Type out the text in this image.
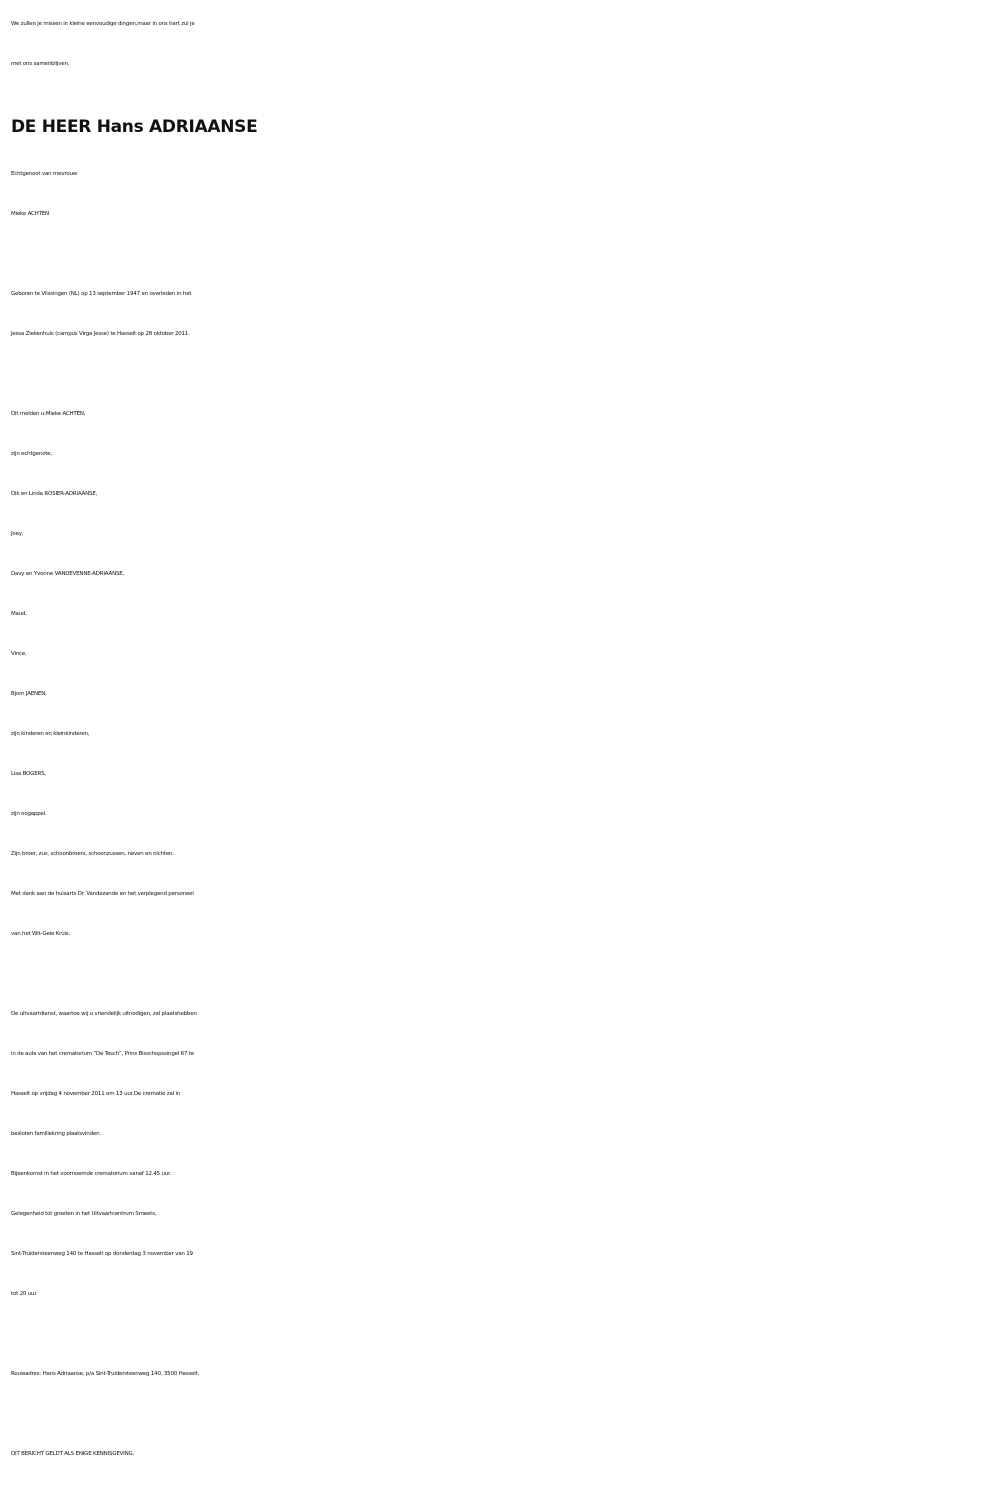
We zullen je missen in kleine eenvoudige dingen,maar in ons hart zul je
met ons samenblijven.
DE HEER Hans ADRIAANSE
Echtgenoot van mevrouw
Mieke ACHTEN
Geboren te Vlissingen (NL) op 13 september 1947 en overleden in het
Jessa Ziekenhuis (campus Virga Jesse) te Hasselt op 28 oktober 2011.
Dit melden u:Mieke ACHTEN,
zijn echtgenote,
Dik en Linda ROSIER-ADRIAANSE,
Joey,
Davy en Yvonne VANDEVENNE-ADRIAANSE,
Maud,
Vince,
Bjorn JAENEN,
zijn kinderen en kleinkinderen,
Lisa BOGERS,
zijn oogappel.
Zijn broer, zus, schoonbroers, schoonzussen, neven en nichten.
Met dank aan de huisarts Dr. Vandezande en het verplegend personeel
van het Wit-Gele Kruis.
De uitvaartdienst, waartoe wij u vriendelijk uitnodigen, zal plaatshebben
in de aula van het crematorium “De Tesch”, Prins Bisschopssingel 67 te
Hasselt op vrijdag 4 november 2011 om 13 uur.De crematie zal in
besloten familiekring plaatsvinden.
Bijeenkomst in het voornoemde crematorium vanaf 12.45 uur.
Gelegenheid tot groeten in het Uitvaartcentrum Smeets,
Sint-Truidersteenweg 140 te Hasselt op donderdag 3 november van 19
tot 20 uur.
Rouwadres: Hans Adriaanse, p/a Sint-Truidersteenweg 140, 3500 Hasselt.
DIT BERICHT GELDT ALS ENIGE KENNISGEVING.
